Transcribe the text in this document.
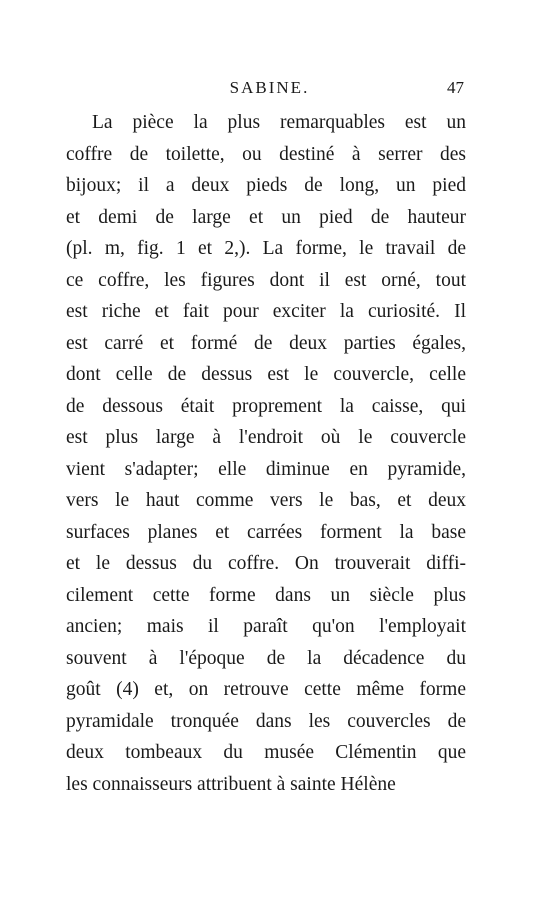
SABINE.	47
La pièce la plus remarquables est un
coffre de toilette, ou destiné à serrer des
bijoux; il a deux pieds de long, un pied
et demi de large et un pied de hauteur
(pl. m, fig. 1 et 2,). La forme, le travail de
ce coffre, les figures dont il est orné, tout
est riche et fait pour exciter la curiosité. Il
est carré et formé de deux parties égales,
dont celle de dessus est le couvercle, celle
de dessous était proprement la caisse, qui
est plus large à l'endroit où le couvercle
vient s'adapter; elle diminue en pyramide,
vers le haut comme vers le bas, et deux
surfaces planes et carrées forment la base
et le dessus du coffre. On trouverait diffi-
cilement cette forme dans un siècle plus
ancien; mais il paraît qu'on l'employait
souvent à l'époque de la décadence du
goût (4) et, on retrouve cette même forme
pyramidale tronquée dans les couvercles de
deux tombeaux du musée Clémentin que
les connaisseurs attribuent à sainte Hélène
